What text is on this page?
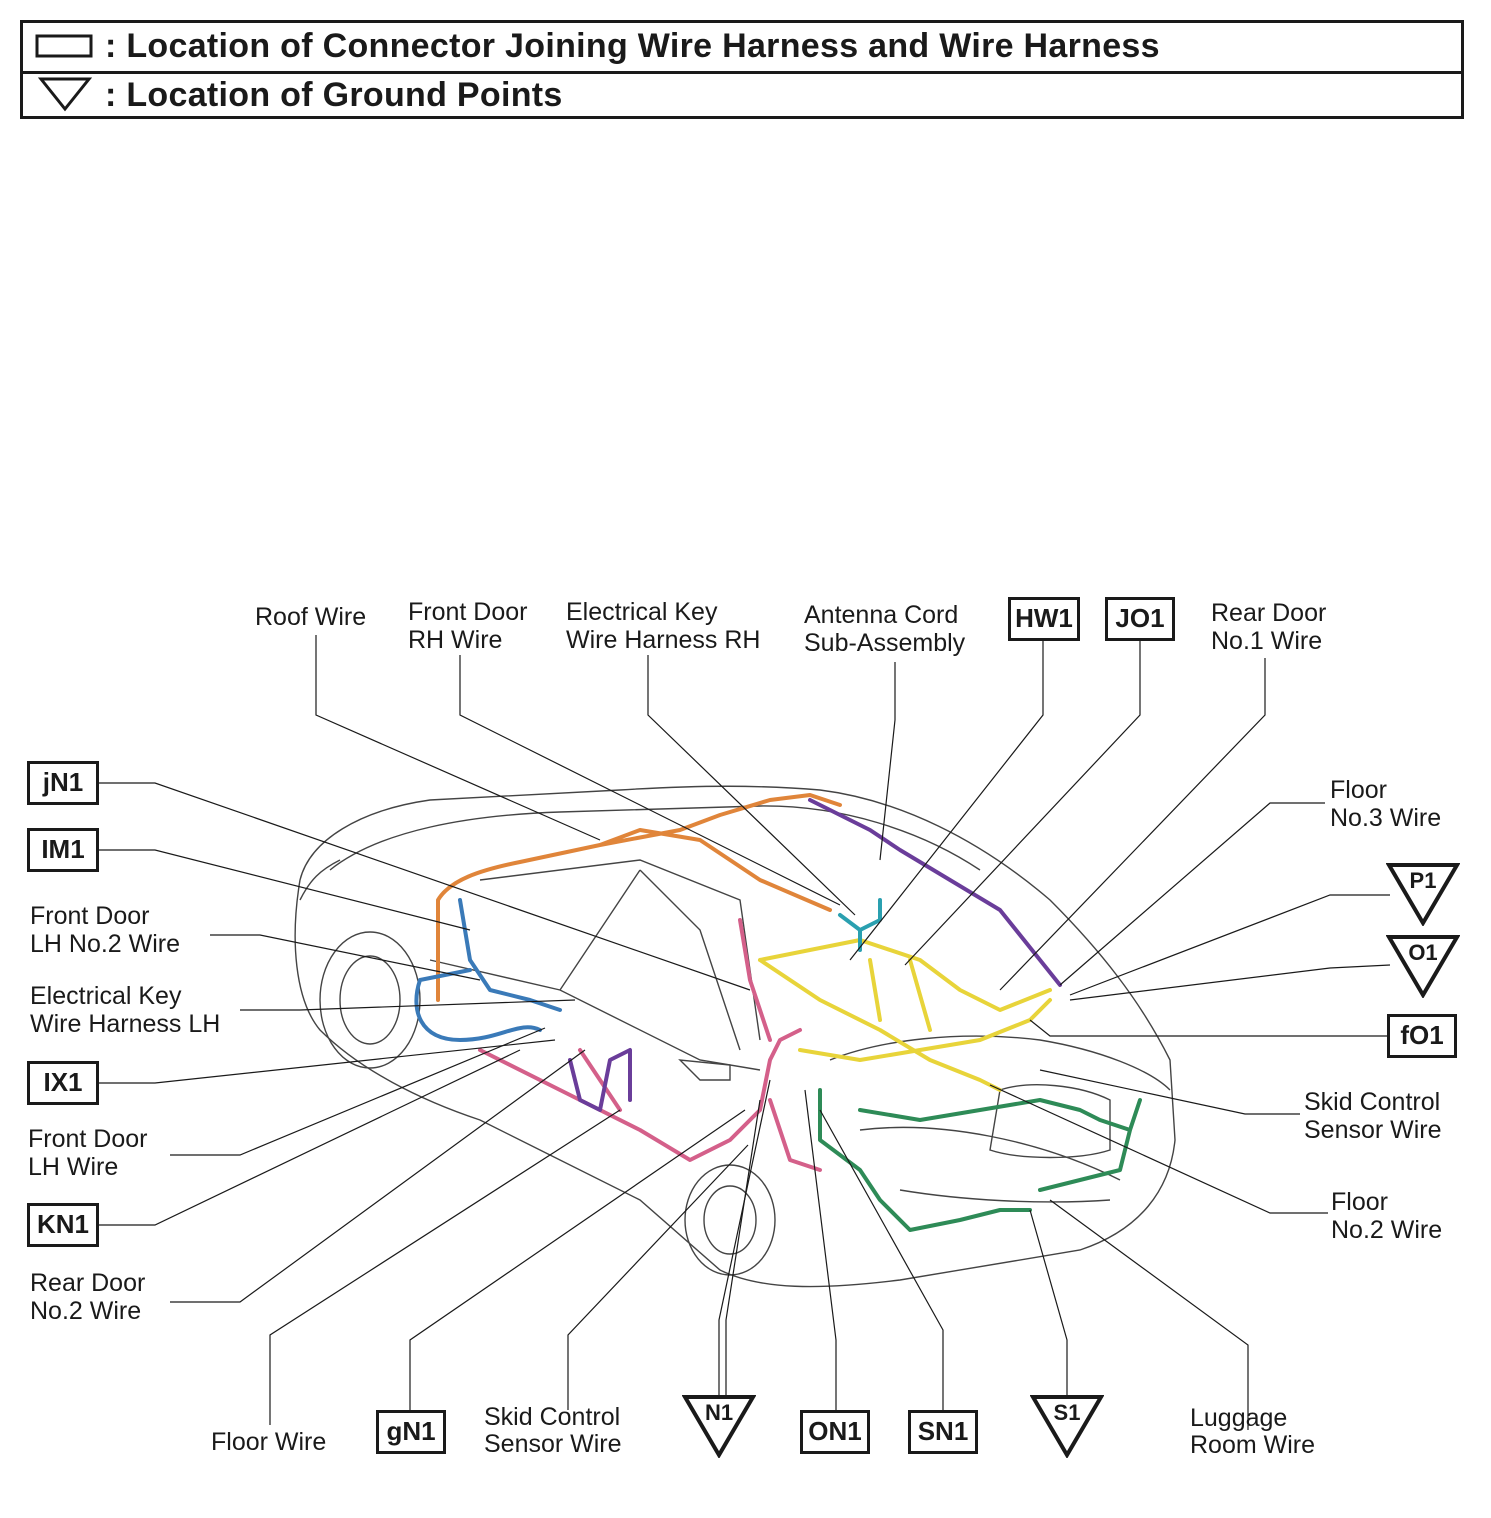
: Location of Connector Joining Wire Harness and Wire Harness
: Location of Ground Points
Roof Wire Front Door
RH Wire
Electrical Key
Wire Harness RH
Antenna Cord
Sub-Assembly
Rear Door
No.1 Wire
Floor
No.3 Wire
Front Door
LH No.2 Wire
Electrical Key
Wire Harness LH
Front Door
LH Wire
Rear Door
No.2 Wire
Floor Wire
Skid Control
Sensor Wire
Skid Control
Sensor Wire
Floor
No.2 Wire
Luggage
Room Wire
HW1	JO1
jN1
IM1
IX1
KN1
fO1
gN1	ON1	SN1
P1
O1
N1	S1
